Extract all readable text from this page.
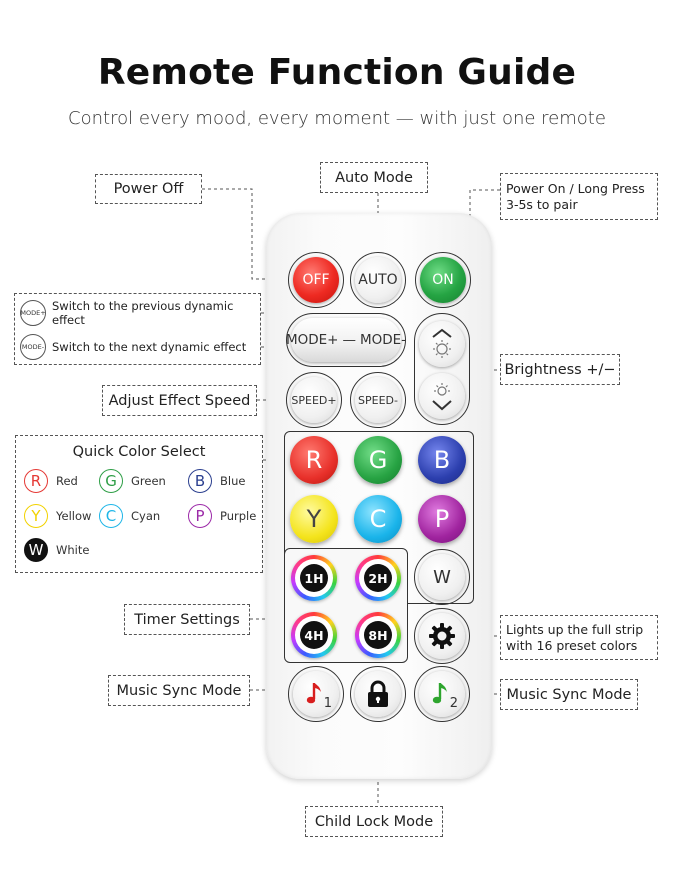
Remote Function Guide
Control every mood, every moment — with just one remote
Power Off
Auto Mode
Power On / Long Press
3-5s to pair
MODE+ Switch to the previous dynamic effect
MODE- Switch to the next dynamic effect
Brightness +/−
Adjust Effect Speed
Quick Color Select
R	Red	G	Green	B	Blue
Y	Yellow C	Cyan	P	Purple
W	White
Timer Settings
Lights up the full strip
with 16 preset colors
Music Sync Mode	Music Sync Mode
Child Lock Mode
OFF	AUTO	ON
MODE+ — MODE-
SPEED+ SPEED-
R	G	B
Y	C	P
W
1H	2H
4H	8H
1	2
